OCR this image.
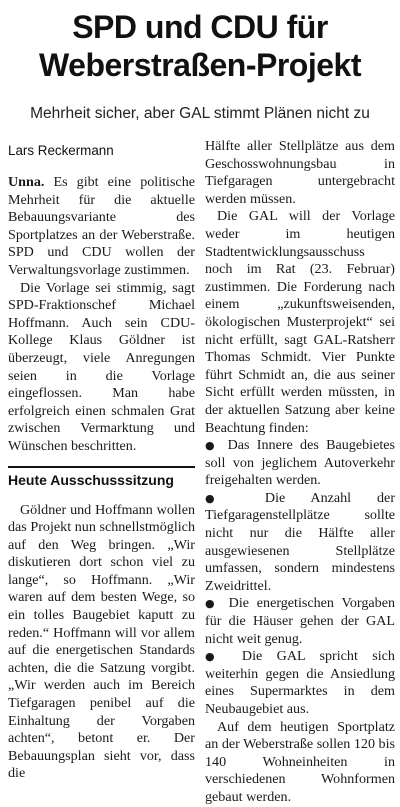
SPD und CDU für
Weberstraßen-Projekt

Mehrheit sicher, aber GAL stimmt Plänen nicht zu

Lars Reckermann

Unna. Es gibt eine politische Mehrheit für die aktuelle Bebauungsvariante des Sportplatzes an der Weberstraße. SPD und CDU wollen der Verwaltungsvorlage zustimmen.

Die Vorlage sei stimmig, sagt SPD-Fraktionschef Michael Hoffmann. Auch sein CDU-Kollege Klaus Göldner ist überzeugt, viele Anregungen seien in die Vorlage eingeflossen. Man habe erfolgreich einen schmalen Grat zwischen Vermarktung und Wünschen beschritten.

Heute Ausschusssitzung

Göldner und Hoffmann wollen das Projekt nun schnellstmöglich auf den Weg bringen. „Wir diskutieren dort schon viel zu lange“, so Hoffmann. „Wir waren auf dem besten Wege, so ein tolles Baugebiet kaputt zu reden.“ Hoffmann will vor allem auf die energetischen Standards achten, die die Satzung vorgibt. „Wir werden auch im Bereich Tiefgaragen penibel auf die Einhaltung der Vorgaben achten“, betont er. Der Bebauungsplan sieht vor, dass die

Hälfte aller Stellplätze aus dem Geschosswohnungsbau in Tiefgaragen untergebracht werden müssen.

Die GAL will der Vorlage weder im heutigen Stadtentwicklungsausschuss noch im Rat (23. Februar) zustimmen. Die Forderung nach einem „zukunftsweisenden, ökologischen Musterprojekt“ sei nicht erfüllt, sagt GAL-Ratsherr Thomas Schmidt. Vier Punkte führt Schmidt an, die aus seiner Sicht erfüllt werden müssten, in der aktuellen Satzung aber keine Beachtung finden:

● Das Innere des Baugebietes soll von jeglichem Autoverkehr freigehalten werden.

● Die Anzahl der Tiefgaragenstellplätze sollte nicht nur die Hälfte aller ausgewiesenen Stellplätze umfassen, sondern mindestens Zweidrittel.

● Die energetischen Vorgaben für die Häuser gehen der GAL nicht weit genug.

● Die GAL spricht sich weiterhin gegen die Ansiedlung eines Supermarktes in dem Neubaugebiet aus.

Auf dem heutigen Sportplatz an der Weberstraße sollen 120 bis 140 Wohneinheiten in verschiedenen Wohnformen gebaut werden.
